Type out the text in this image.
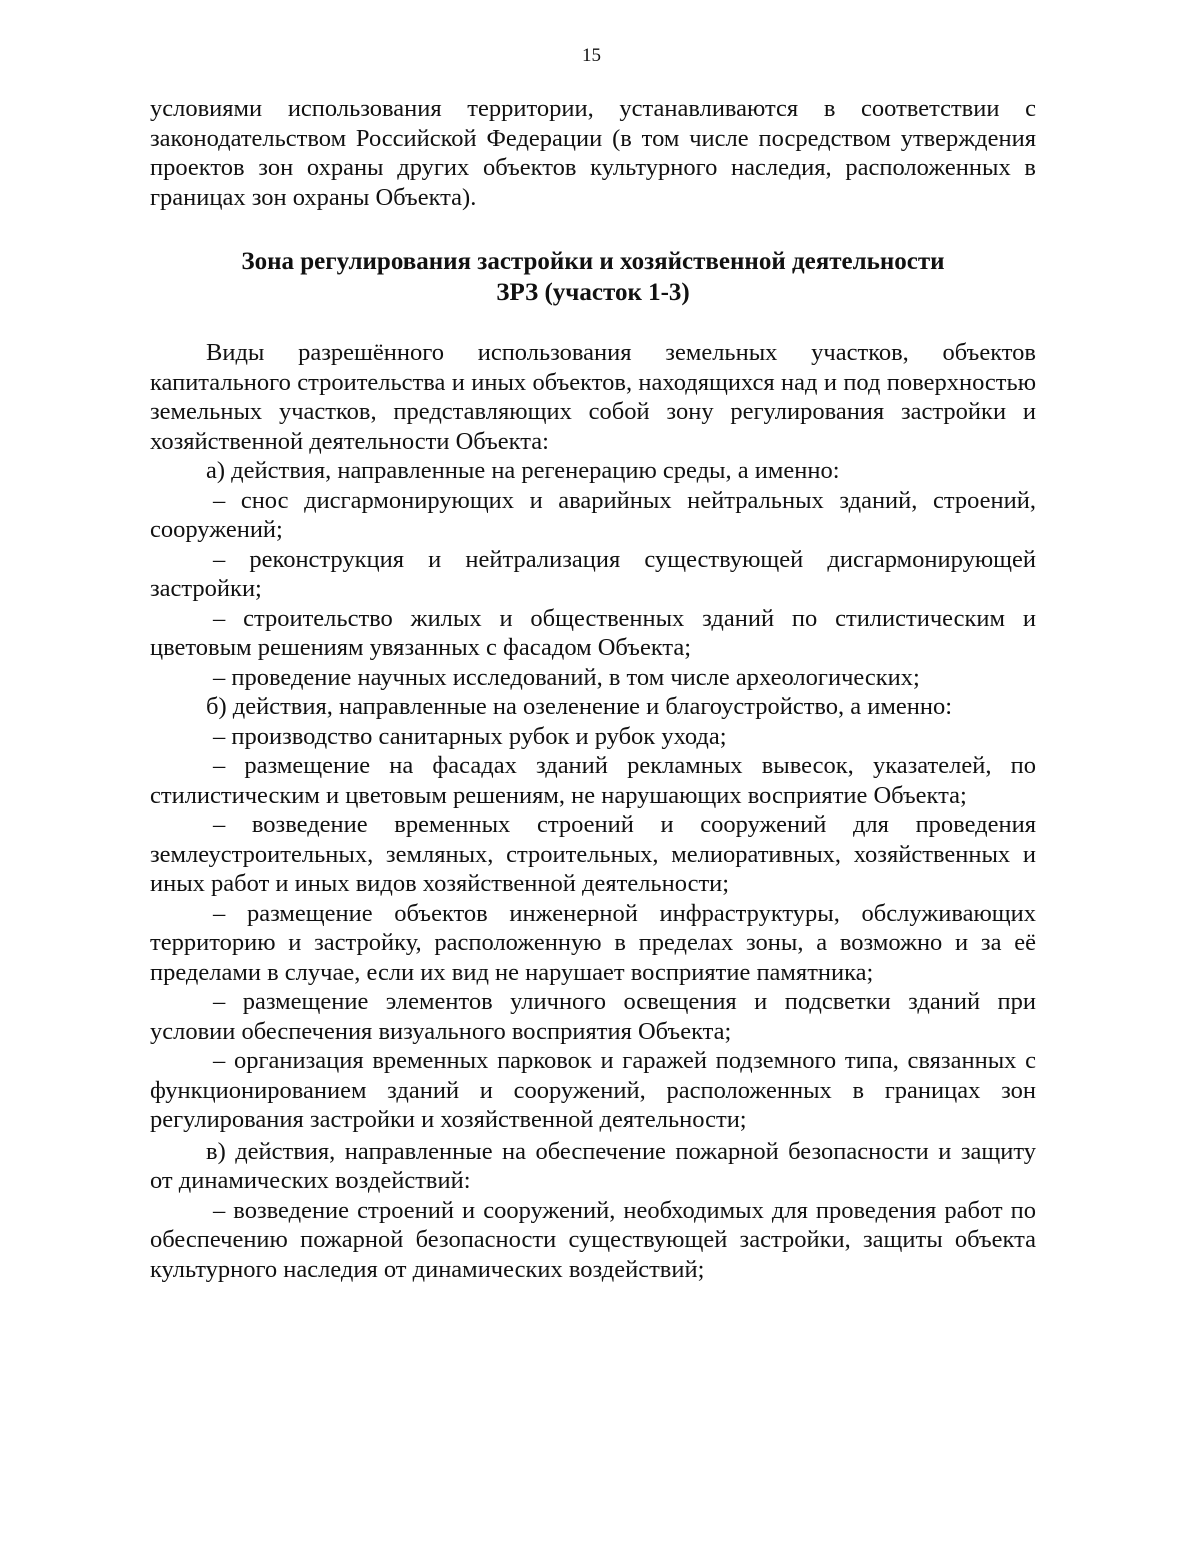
15

условиями использования территории, устанавливаются в соответствии с законодательством Российской Федерации (в том числе посредством утверждения проектов зон охраны других объектов культурного наследия, расположенных в границах зон охраны Объекта).

Зона регулирования застройки и хозяйственной деятельности
ЗРЗ (участок 1-3)

Виды разрешённого использования земельных участков, объектов капитального строительства и иных объектов, находящихся над и под поверхностью земельных участков, представляющих собой зону регулирования застройки и хозяйственной деятельности Объекта:

а) действия, направленные на регенерацию среды, а именно:

– снос дисгармонирующих и аварийных нейтральных зданий, строений, сооружений;

– реконструкция и нейтрализация существующей дисгармонирующей застройки;

– строительство жилых и общественных зданий по стилистическим и цветовым решениям увязанных с фасадом Объекта;

– проведение научных исследований, в том числе археологических;

б) действия, направленные на озеленение и благоустройство, а именно:

– производство санитарных рубок и рубок ухода;

– размещение на фасадах зданий рекламных вывесок, указателей, по стилистическим и цветовым решениям, не нарушающих восприятие Объекта;

– возведение временных строений и сооружений для проведения землеустроительных, земляных, строительных, мелиоративных, хозяйственных и иных работ и иных видов хозяйственной деятельности;

– размещение объектов инженерной инфраструктуры, обслуживающих территорию и застройку, расположенную в пределах зоны, а возможно и за её пределами в случае, если их вид не нарушает восприятие памятника;

– размещение элементов уличного освещения и подсветки зданий при условии обеспечения визуального восприятия Объекта;

– организация временных парковок и гаражей подземного типа, связанных с функционированием зданий и сооружений, расположенных в границах зон регулирования застройки и хозяйственной деятельности;

в) действия, направленные на обеспечение пожарной безопасности и защиту от динамических воздействий:

– возведение строений и сооружений, необходимых для проведения работ по обеспечению пожарной безопасности существующей застройки, защиты объекта культурного наследия от динамических воздействий;
